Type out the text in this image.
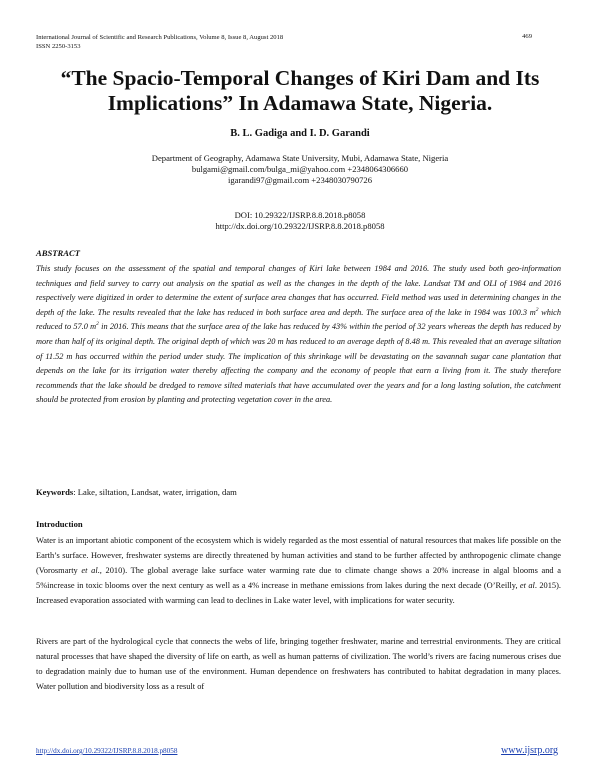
International Journal of Scientific and Research Publications, Volume 8, Issue 8, August 2018
ISSN 2250-3153
469
“The Spacio-Temporal Changes of Kiri Dam and Its Implications” In Adamawa State, Nigeria.
B. L. Gadiga and I. D. Garandi
Department of Geography, Adamawa State University, Mubi, Adamawa State, Nigeria
bulgami@gmail.com/bulga_mi@yahoo.com +2348064306660
igarandi97@gmail.com +2348030790726
DOI: 10.29322/IJSRP.8.8.2018.p8058
http://dx.doi.org/10.29322/IJSRP.8.8.2018.p8058
ABSTRACT

This study focuses on the assessment of the spatial and temporal changes of Kiri lake between 1984 and 2016. The study used both geo-information techniques and field survey to carry out analysis on the spatial as well as the changes in the depth of the lake. Landsat TM and OLI of 1984 and 2016 respectively were digitized in order to determine the extent of surface area changes that has occurred. Field method was used in determining changes in the depth of the lake. The results revealed that the lake has reduced in both surface area and depth. The surface area of the lake in 1984 was 100.3 $m^2$ which reduced to 57.0 $m^2$ in 2016. This means that the surface area of the lake has reduced by 43% within the period of 32 years whereas the depth has reduced by more than half of its original depth. The original depth of which was 20 m has reduced to an average depth of 8.48 m. This revealed that an average siltation of 11.52 m has occurred within the period under study. The implication of this shrinkage will be devastating on the savannah sugar cane plantation that depends on the lake for its irrigation water thereby affecting the company and the economy of people that earn a living from it. The study therefore recommends that the lake should be dredged to remove silted materials that have accumulated over the years and for a long lasting solution, the catchment should be protected from erosion by planting and protecting vegetation cover in the area.

Keywords: Lake, siltation, Landsat, water, irrigation, dam
Introduction

Water is an important abiotic component of the ecosystem which is widely regarded as the most essential of natural resources that makes life possible on the Earth’s surface. However, freshwater systems are directly threatened by human activities and stand to be further affected by anthropogenic climate change (Vorosmarty et al., 2010). The global average lake surface water warming rate due to climate change shows a 20% increase in algal blooms and a 5%increase in toxic blooms over the next century as well as a 4% increase in methane emissions from lakes during the next decade (O’Reilly, et al. 2015). Increased evaporation associated with warming can lead to declines in Lake water level, with implications for water security.

Rivers are part of the hydrological cycle that connects the webs of life, bringing together freshwater, marine and terrestrial environments. They are critical natural processes that have shaped the diversity of life on earth, as well as human patterns of civilization. The world’s rivers are facing numerous crises due to degradation mainly due to human use of the environment. Human dependence on freshwaters has contributed to habitat degradation in many places. Water pollution and biodiversity loss as a result of

http://dx.doi.org/10.29322/IJSRP.8.8.2018.p8058	www.ijsrp.org
